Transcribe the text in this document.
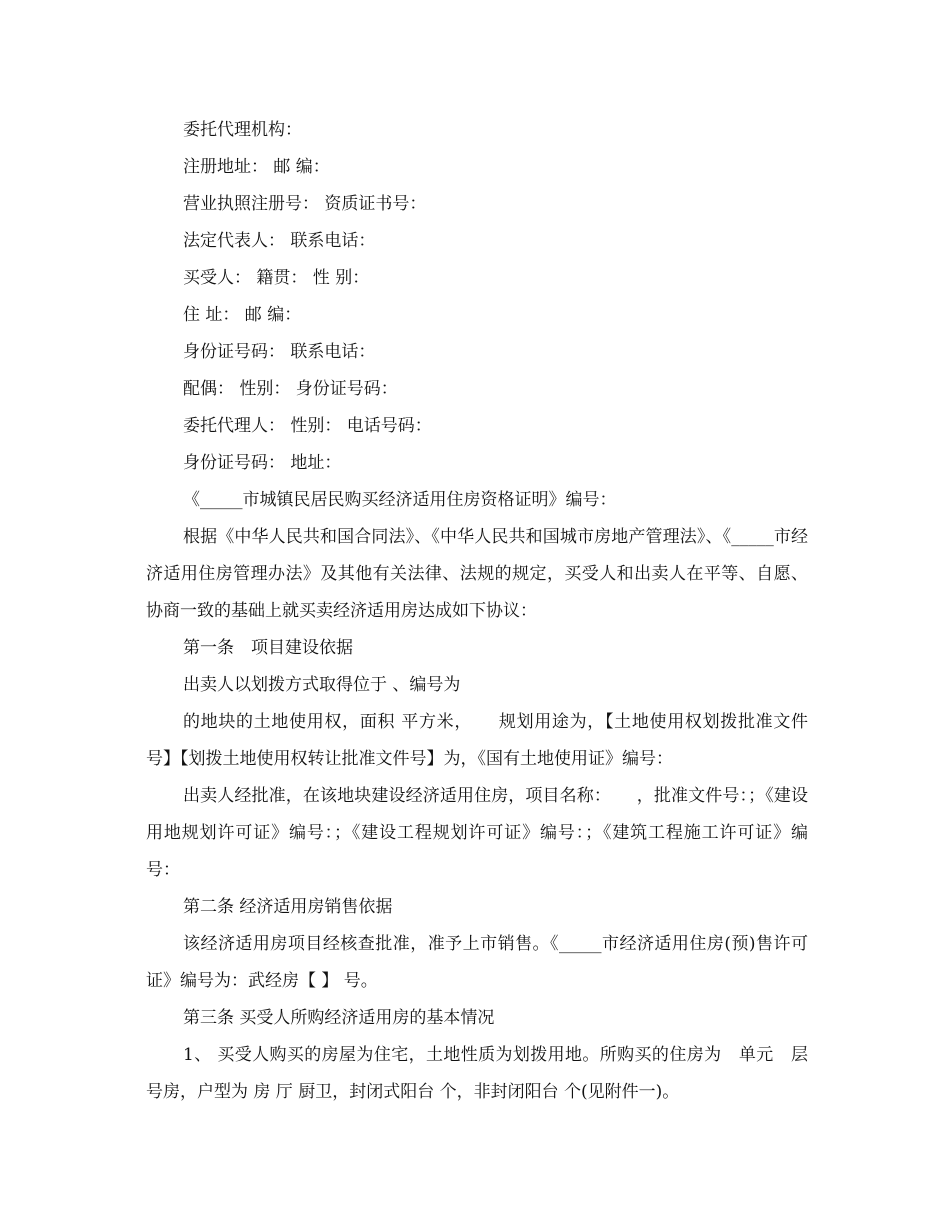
委托代理机构：

注册地址： 邮 编：

营业执照注册号： 资质证书号：

法定代表人： 联系电话：

买受人： 籍贯： 性 别：

住 址： 邮 编：

身份证号码： 联系电话：

配偶： 性别： 身份证号码：

委托代理人： 性别： 电话号码：

身份证号码： 地址：

《_____市城镇民居民购买经济适用住房资格证明》编号：

根据《中华人民共和国合同法》、《中华人民共和国城市房地产管理法》、《_____市经济适用住房管理办法》及其他有关法律、法规的规定，买受人和出卖人在平等、自愿、协商一致的基础上就买卖经济适用房达成如下协议：

第一条　项目建设依据

出卖人以划拨方式取得位于 、编号为

的地块的土地使用权，面积 平方米，　　规划用途为，【土地使用权划拨批准文件号】【划拨土地使用权转让批准文件号】为，《国有土地使用证》编号：

出卖人经批准，在该地块建设经济适用住房，项目名称：　　，批准文件号：；《建设用地规划许可证》编号：；《建设工程规划许可证》编号：；《建筑工程施工许可证》编号：

第二条 经济适用房销售依据

该经济适用房项目经核查批准，准予上市销售。《_____市经济适用住房(预)售许可证》编号为：武经房【 】 号。

第三条 买受人所购经济适用房的基本情况

1、 买受人购买的房屋为住宅，土地性质为划拨用地。所购买的住房为　单元　层 号房，户型为 房 厅 厨卫，封闭式阳台 个，非封闭阳台 个(见附件一)。
